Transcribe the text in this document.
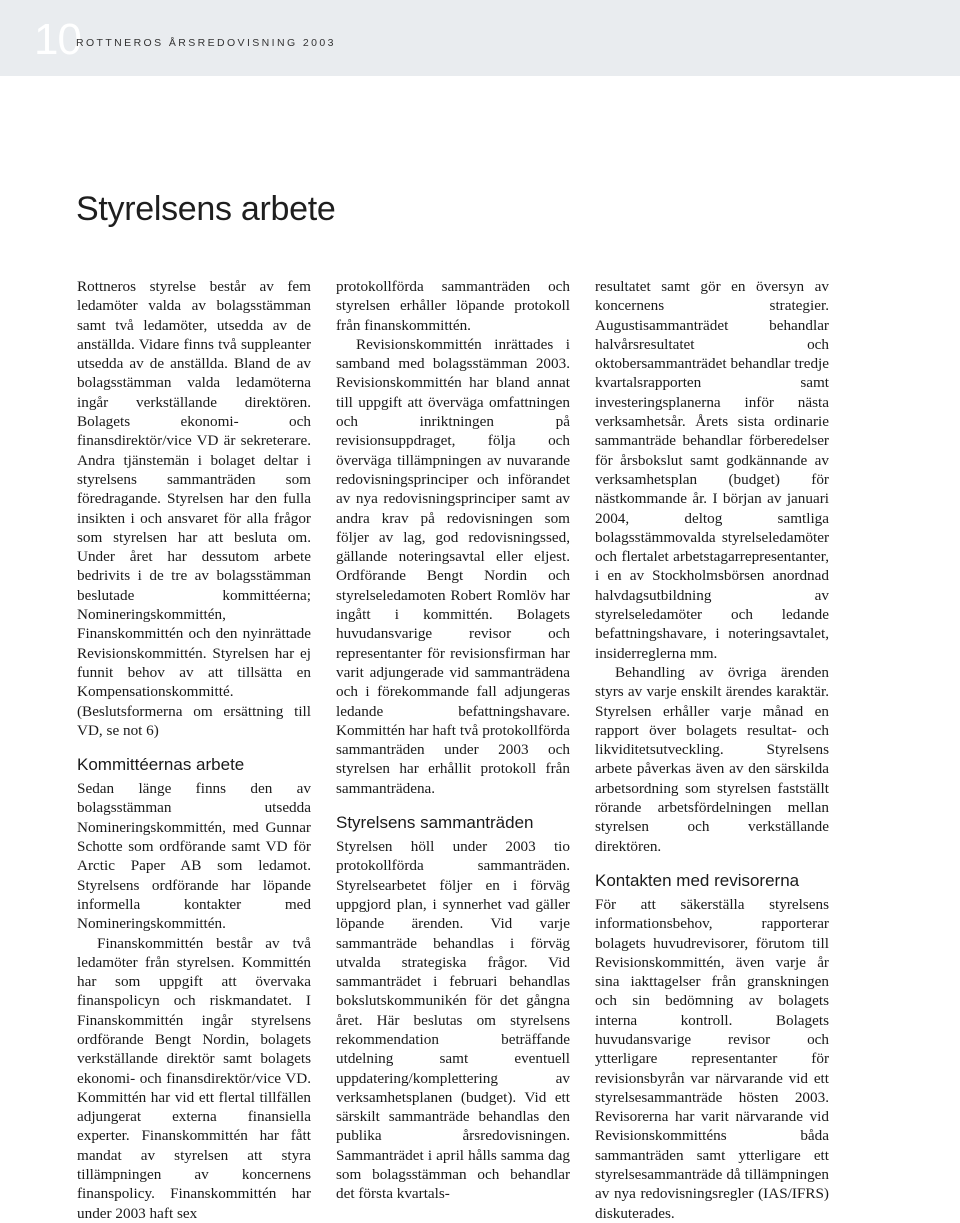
10
ROTTNEROS ÅRSREDOVISNING 2003
Styrelsens arbete

Rottneros styrelse består av fem ledamöter valda av bolagsstämman samt två ledamöter, utsedda av de anställda. Vidare finns två suppleanter utsedda av de anställda. Bland de av bolagsstämman valda ledamöterna ingår verkställande direktören. Bolagets ekonomi- och finansdirektör/vice VD är sekreterare. Andra tjänstemän i bolaget deltar i styrelsens sammanträden som föredragande. Styrelsen har den fulla insikten i och ansvaret för alla frågor som styrelsen har att besluta om. Under året har dessutom arbete bedrivits i de tre av bolagsstämman beslutade kommittéerna; Nomineringskommittén, Finanskommittén och den nyinrättade Revisionskommittén. Styrelsen har ej funnit behov av att tillsätta en Kompensationskommitté. (Beslutsformerna om ersättning till VD, se not 6)

Kommittéernas arbete

Sedan länge finns den av bolagsstämman utsedda Nomineringskommittén, med Gunnar Schotte som ordförande samt VD för Arctic Paper AB som ledamot. Styrelsens ordförande har löpande informella kontakter med Nomineringskommittén.

Finanskommittén består av två ledamöter från styrelsen. Kommittén har som uppgift att övervaka finanspolicyn och riskmandatet. I Finanskommittén ingår styrelsens ordförande Bengt Nordin, bolagets verkställande direktör samt bolagets ekonomi- och finansdirektör/vice VD. Kommittén har vid ett flertal tillfällen adjungerat externa finansiella experter. Finanskommittén har fått mandat av styrelsen att styra tillämpningen av koncernens finanspolicy. Finanskommittén har under 2003 haft sex

protokollförda sammanträden och styrelsen erhåller löpande protokoll från finanskommittén.

Revisionskommittén inrättades i samband med bolagsstämman 2003. Revisionskommittén har bland annat till uppgift att överväga omfattningen och inriktningen på revisionsuppdraget, följa och överväga tillämpningen av nuvarande redovisningsprinciper och införandet av nya redovisningsprinciper samt av andra krav på redovisningen som följer av lag, god redovisningssed, gällande noteringsavtal eller eljest. Ordförande Bengt Nordin och styrelseledamoten Robert Romlöv har ingått i kommittén. Bolagets huvudansvarige revisor och representanter för revisionsfirman har varit adjungerade vid sammanträdena och i förekommande fall adjungeras ledande befattningshavare. Kommittén har haft två protokollförda sammanträden under 2003 och styrelsen har erhållit protokoll från sammanträdena.

Styrelsens sammanträden

Styrelsen höll under 2003 tio protokollförda sammanträden. Styrelsearbetet följer en i förväg uppgjord plan, i synnerhet vad gäller löpande ärenden. Vid varje sammanträde behandlas i förväg utvalda strategiska frågor. Vid sammanträdet i februari behandlas bokslutskommunikén för det gångna året. Här beslutas om styrelsens rekommendation beträffande utdelning samt eventuell uppdatering/komplettering av verksamhetsplanen (budget). Vid ett särskilt sammanträde behandlas den publika årsredovisningen. Sammanträdet i april hålls samma dag som bolagsstämman och behandlar det första kvartals-

resultatet samt gör en översyn av koncernens strategier. Augustisammanträdet behandlar halvårsresultatet och oktobersammanträdet behandlar tredje kvartalsrapporten samt investeringsplanerna inför nästa verksamhetsår. Årets sista ordinarie sammanträde behandlar förberedelser för årsbokslut samt godkännande av verksamhetsplan (budget) för nästkommande år. I början av januari 2004, deltog samtliga bolagsstämmovalda styrelseledamöter och flertalet arbetstagarrepresentanter, i en av Stockholmsbörsen anordnad halvdagsutbildning av styrelseledamöter och ledande befattningshavare, i noteringsavtalet, insiderreglerna mm.

Behandling av övriga ärenden styrs av varje enskilt ärendes karaktär. Styrelsen erhåller varje månad en rapport över bolagets resultat- och likviditetsutveckling. Styrelsens arbete påverkas även av den särskilda arbetsordning som styrelsen fastställt rörande arbetsfördelningen mellan styrelsen och verkställande direktören.

Kontakten med revisorerna

För att säkerställa styrelsens informationsbehov, rapporterar bolagets huvudrevisorer, förutom till Revisionskommittén, även varje år sina iakttagelser från granskningen och sin bedömning av bolagets interna kontroll. Bolagets huvudansvarige revisor och ytterligare representanter för revisionsbyrån var närvarande vid ett styrelsesammanträde hösten 2003. Revisorerna har varit närvarande vid Revisionskommitténs båda sammanträden samt ytterligare ett styrelsesammanträde då tillämpningen av nya redovisningsregler (IAS/IFRS) diskuterades.
